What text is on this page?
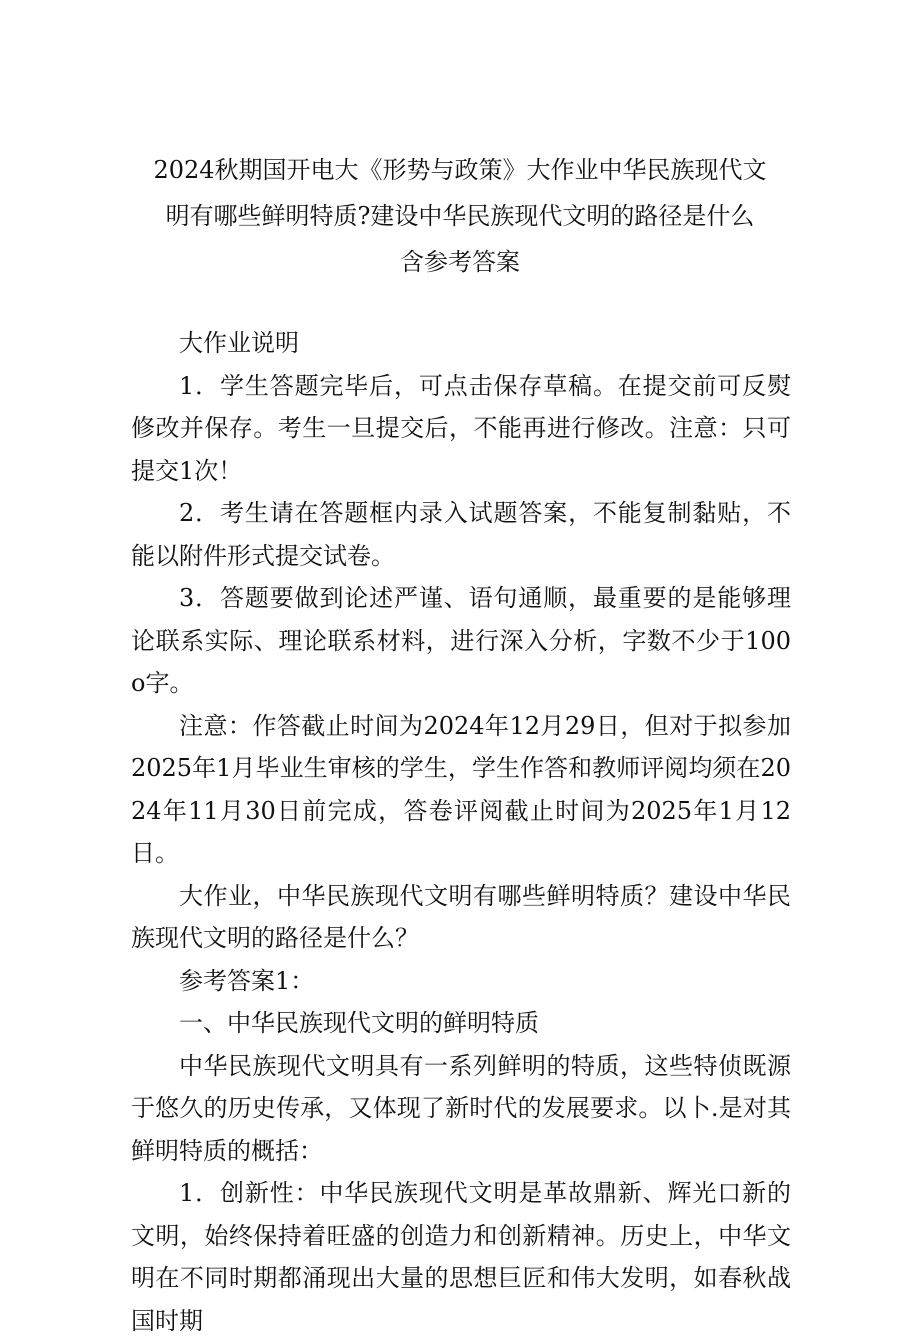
2024秋期国开电大《形势与政策》大作业中华民族现代文
明有哪些鲜明特质?建设中华民族现代文明的路径是什么
含参考答案

大作业说明

1．学生答题完毕后，可点击保存草稿。在提交前可反熨修改并保存。考生一旦提交后，不能再进行修改。注意：只可提交1次！

2．考生请在答题框内录入试题答案，不能复制黏贴，不能以附件形式提交试卷。

3．答题要做到论述严谨、语句通顺，最重要的是能够理论联系实际、理论联系材料，进行深入分析，字数不少于100o字。

注意：作答截止时间为2024年12月29日，但对于拟参加2025年1月毕业生审核的学生，学生作答和教师评阅均须在2024年11月30日前完成，答卷评阅截止时间为2025年1月12日。

大作业，中华民族现代文明有哪些鲜明特质？建设中华民族现代文明的路径是什么？

参考答案1：

一、中华民族现代文明的鲜明特质

中华民族现代文明具有一系列鲜明的特质，这些特侦既源于悠久的历史传承，又体现了新时代的发展要求。以卜.是对其鲜明特质的概括：

1．创新性：中华民族现代文明是革故鼎新、辉光口新的文明，始终保持着旺盛的创造力和创新精神。历史上，中华文明在不同时期都涌现出大量的思想巨匠和伟大发明，如春秋战国时期
